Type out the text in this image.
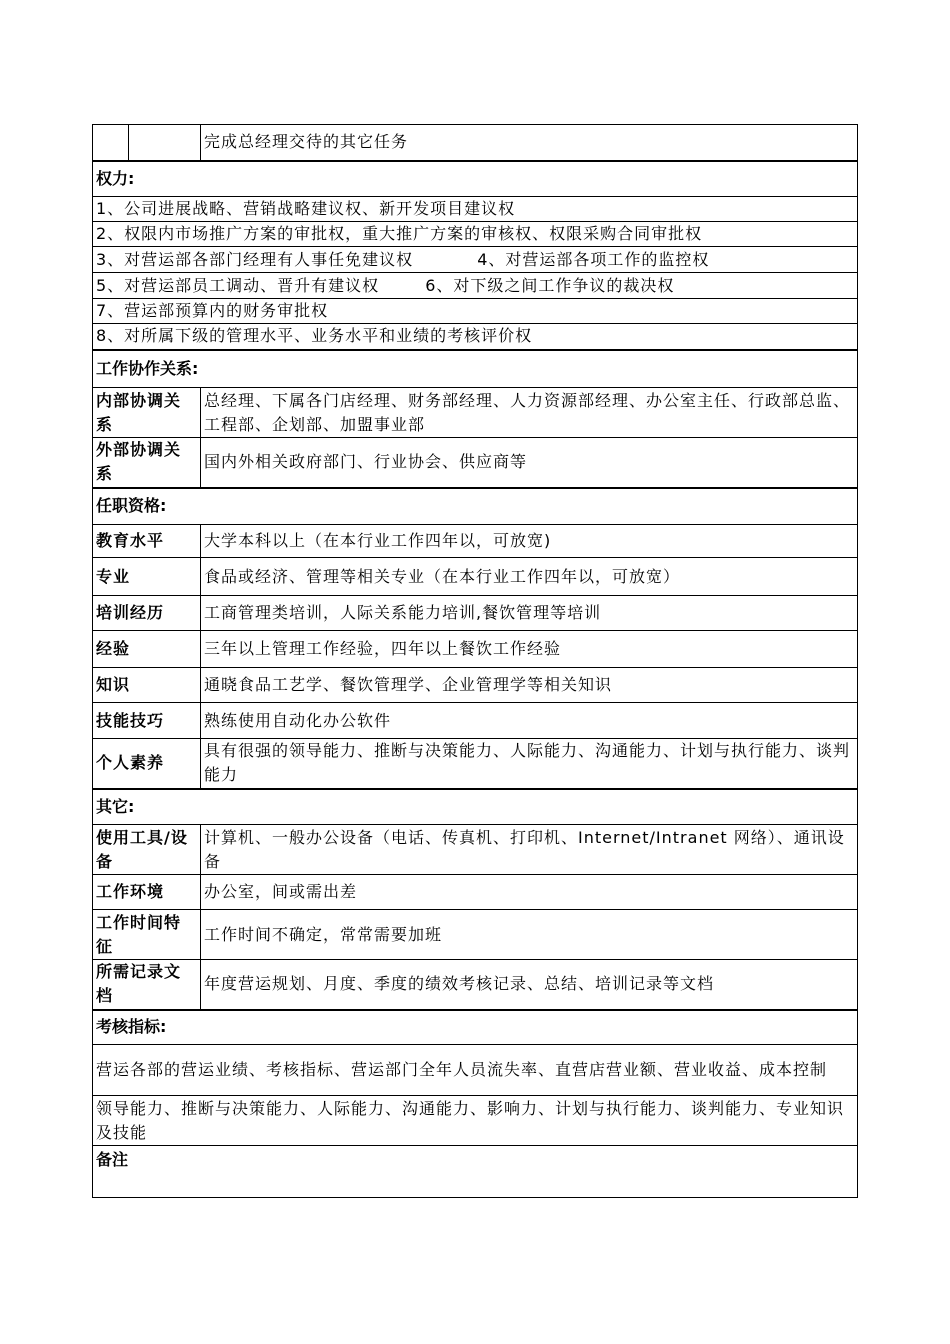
		完成总经理交待的其它任务
权力:		
1、公司进展战略、营销战略建议权、新开发项目建议权		
2、权限内市场推广方案的审批权，重大推广方案的审核权、权限采购合同审批权		
3、对营运部各部门经理有人事任免建议权 4、对营运部各项工作的监控权		
5、对营运部员工调动、晋升有建议权 6、对下级之间工作争议的裁决权		
7、营运部预算内的财务审批权		
8、对所属下级的管理水平、业务水平和业绩的考核评价权		
工作协作关系:		
内部协调关系		总经理、下属各门店经理、财务部经理、人力资源部经理、办公室主任、行政部总监、工程部、企划部、加盟事业部
外部协调关系		国内外相关政府部门、行业协会、供应商等
任职资格:		
教育水平		大学本科以上（在本行业工作四年以，可放宽)
专业		食品或经济、管理等相关专业（在本行业工作四年以，可放宽）
培训经历		工商管理类培训，人际关系能力培训,餐饮管理等培训
经验		三年以上管理工作经验，四年以上餐饮工作经验
知识		通晓食品工艺学、餐饮管理学、企业管理学等相关知识
技能技巧		熟练使用自动化办公软件
个人素养		具有很强的领导能力、推断与决策能力、人际能力、沟通能力、计划与执行能力、谈判能力
其它:		
使用工具/设备		计算机、一般办公设备（电话、传真机、打印机、Internet/Intranet 网络）、通讯设备
工作环境		办公室，间或需出差
工作时间特征		工作时间不确定，常常需要加班
所需记录文档		年度营运规划、月度、季度的绩效考核记录、总结、培训记录等文档
考核指标:		
营运各部的营运业绩、考核指标、营运部门全年人员流失率、直营店营业额、营业收益、成本控制		
领导能力、推断与决策能力、人际能力、沟通能力、影响力、计划与执行能力、谈判能力、专业知识及技能		
备注		
